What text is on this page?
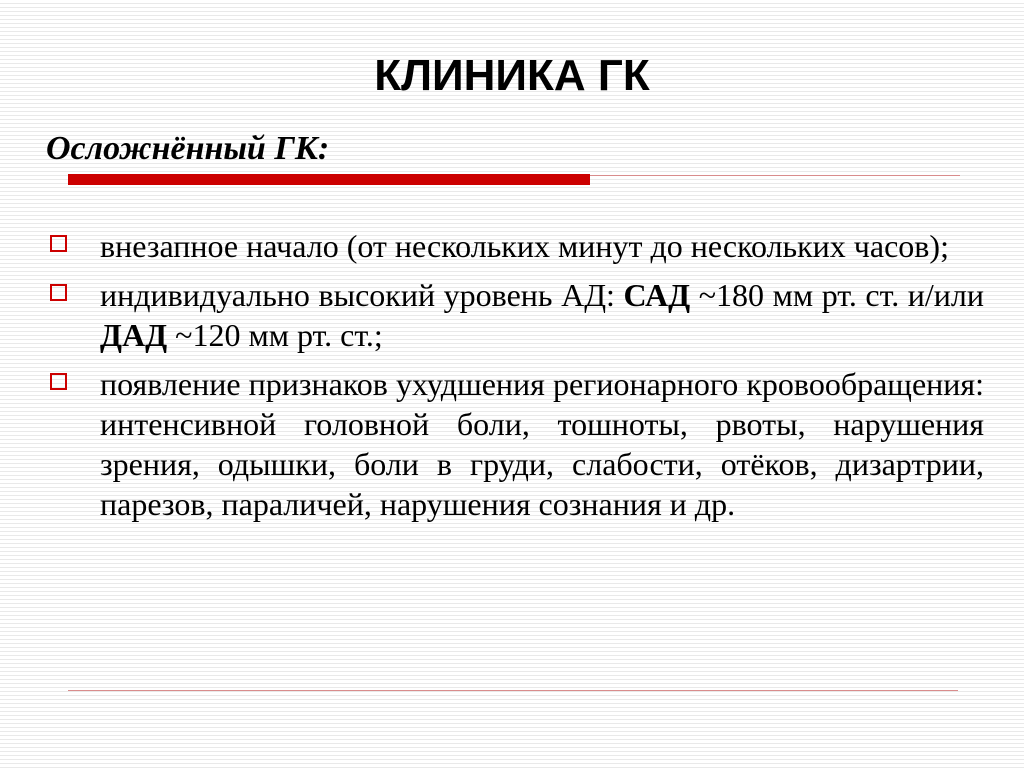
КЛИНИКА ГК
Осложнённый ГК:
внезапное начало (от нескольких минут до нескольких часов);
индивидуально высокий уровень АД: САД ~180 мм рт. ст. и/или ДАД ~120 мм рт. ст.;
появление признаков ухудшения регионарного кровообращения: интенсивной головной боли, тошноты, рвоты, нарушения зрения, одышки, боли в груди, слабости, отёков, дизартрии, парезов, параличей, нарушения сознания и др.
